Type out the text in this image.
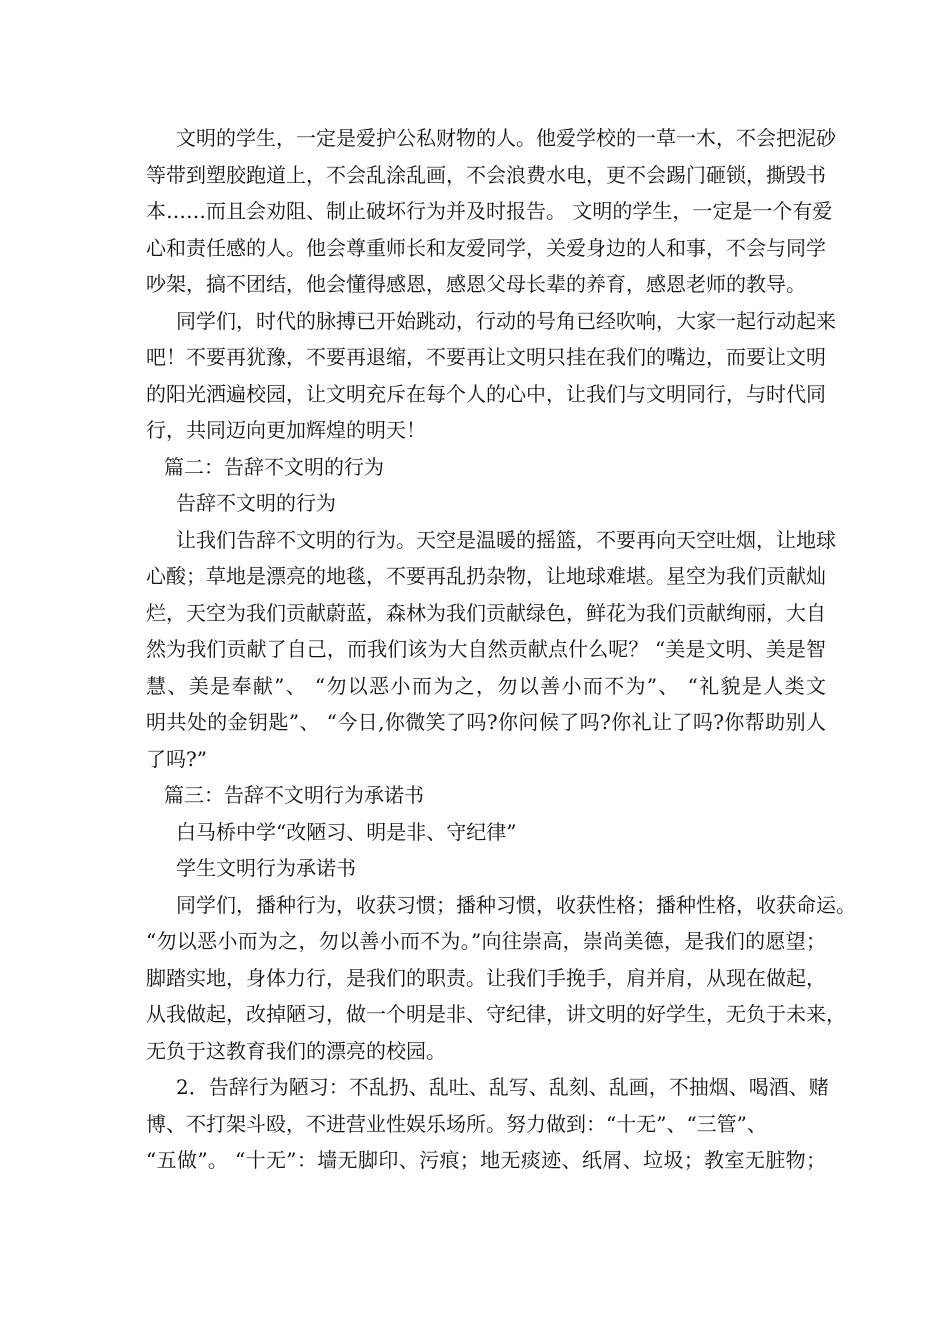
文明的学生，一定是爱护公私财物的人。他爱学校的一草一木，不会把泥砂
等带到塑胶跑道上，不会乱涂乱画，不会浪费水电，更不会踢门砸锁，撕毁书
本……而且会劝阻、制止破坏行为并及时报告。 文明的学生，一定是一个有爱
心和责任感的人。他会尊重师长和友爱同学，关爱身边的人和事，不会与同学
吵架，搞不团结，他会懂得感恩，感恩父母长辈的养育，感恩老师的教导。
同学们，时代的脉搏已开始跳动，行动的号角已经吹响，大家一起行动起来
吧！不要再犹豫，不要再退缩，不要再让文明只挂在我们的嘴边，而要让文明
的阳光洒遍校园，让文明充斥在每个人的心中，让我们与文明同行，与时代同
行，共同迈向更加辉煌的明天！
篇二：告辞不文明的行为
告辞不文明的行为
让我们告辞不文明的行为。天空是温暖的摇篮，不要再向天空吐烟，让地球
心酸；草地是漂亮的地毯，不要再乱扔杂物，让地球难堪。星空为我们贡献灿
烂，天空为我们贡献蔚蓝，森林为我们贡献绿色，鲜花为我们贡献绚丽，大自
然为我们贡献了自己，而我们该为大自然贡献点什么呢？ “美是文明、美是智
慧、美是奉献”、 “勿以恶小而为之，勿以善小而不为”、 “礼貌是人类文
明共处的金钥匙”、 “今日,你微笑了吗?你问候了吗?你礼让了吗?你帮助别人
了吗?”
篇三：告辞不文明行为承诺书
白马桥中学“改陋习、明是非、守纪律”
学生文明行为承诺书
同学们，播种行为，收获习惯；播种习惯，收获性格；播种性格，收获命运。
“勿以恶小而为之，勿以善小而不为。”向往崇高，崇尚美德，是我们的愿望；
脚踏实地，身体力行，是我们的职责。让我们手挽手，肩并肩，从现在做起，
从我做起，改掉陋习，做一个明是非、守纪律，讲文明的好学生，无负于未来，
无负于这教育我们的漂亮的校园。
2．告辞行为陋习：不乱扔、乱吐、乱写、乱刻、乱画，不抽烟、喝酒、赌
博、不打架斗殴，不进营业性娱乐场所。努力做到：“十无”、“三管”、
“五做”。 “十无”：墙无脚印、污痕；地无痰迹、纸屑、垃圾；教室无脏物；
